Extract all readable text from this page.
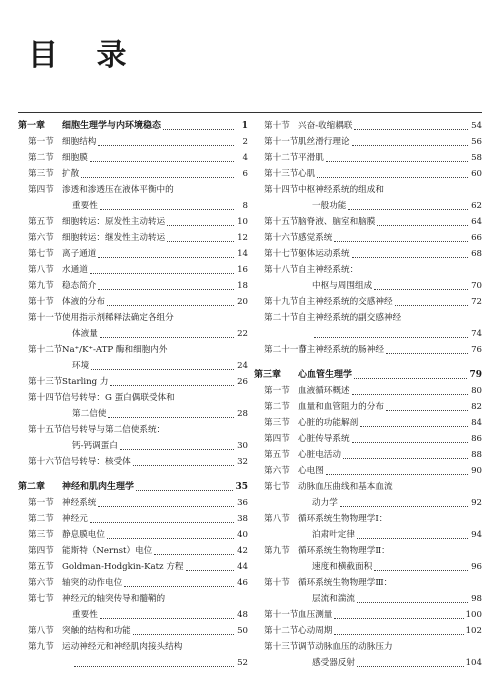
目 录
第一章	细胞生理学与内环境稳态	1
第一节 细胞结构	2
第二节 细胞膜	4
第三节 扩散	6
第四节 渗透和渗透压在液体平衡中的
重要性	8
第五节 细胞转运：原发性主动转运	10
第六节 细胞转运：继发性主动转运	12
第七节 离子通道	14
第八节 水通道	16
第九节 稳态简介	18
第十节 体液的分布	20
第十一节 使用指示剂稀释法确定各组分
体液量	22
第十二节 Na⁺/K⁺-ATP 酶和细胞内外
环境	24
第十三节 Starling 力	26
第十四节 信号转导：G 蛋白偶联受体和
第二信使	28
第十五节 信号转导与第二信使系统：
钙-钙调蛋白	30
第十六节 信号转导：核受体	32
第二章	神经和肌肉生理学	35
第一节 神经系统	36
第二节 神经元	38
第三节 静息膜电位	40
第四节 能斯特（Nernst）电位	42
第五节 Goldman-Hodgkin-Katz 方程	44
第六节 轴突的动作电位	46
第七节 神经元的轴突传导和髓鞘的
重要性	48
第八节 突触的结构和功能	50
第九节 运动神经元和神经肌肉接头结构
52
第十节 兴奋-收缩耦联	54
第十一节 肌丝滑行理论	56
第十二节 平滑肌	58
第十三节 心肌	60
第十四节 中枢神经系统的组成和
一般功能	62
第十五节 脑脊液、脑室和脑膜	64
第十六节 感觉系统	66
第十七节 躯体运动系统	68
第十八节 自主神经系统：
中枢与周围组成	70
第十九节 自主神经系统的交感神经	72
第二十节 自主神经系统的副交感神经
74
第二十一节
自主神经系统的肠神经	76
第三章	心血管生理学	79
第一节 血液循环概述	80
第二节 血量和血管阻力的分布	82
第三节 心脏的功能解剖	84
第四节 心脏传导系统	86
第五节 心脏电活动	88
第六节 心电图	90
第七节 动脉血压曲线和基本血流
动力学	92
第八节 循环系统生物物理学Ⅰ：
泊肃叶定律	94
第九节 循环系统生物物理学Ⅱ：
速度和横截面积	96
第十节 循环系统生物物理学Ⅲ：
层流和湍流	98
第十一节 血压测量	100
第十二节 心动周期	102
第十三节 调节动脉血压的动脉压力
感受器反射	104
